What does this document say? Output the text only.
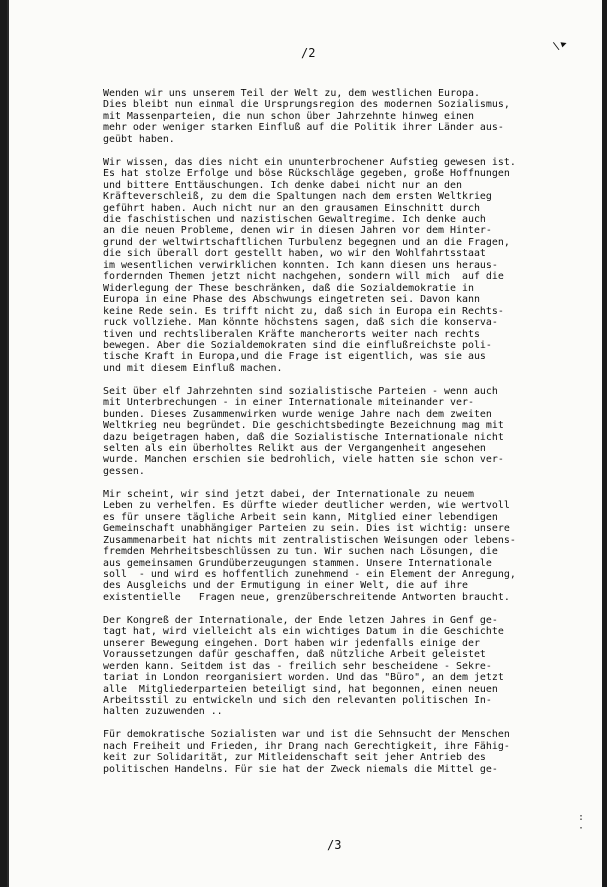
/2
\ ▸
Wenden wir uns unserem Teil der Welt zu, dem westlichen Europa.
Dies bleibt nun einmal die Ursprungsregion des modernen Sozialismus,
mit Massenparteien, die nun schon über Jahrzehnte hinweg einen
mehr oder weniger starken Einfluß auf die Politik ihrer Länder aus-
geübt haben.
Wir wissen, das dies nicht ein ununterbrochener Aufstieg gewesen ist.
Es hat stolze Erfolge und böse Rückschläge gegeben, große Hoffnungen
und bittere Enttäuschungen. Ich denke dabei nicht nur an den
Kräfteverschleiß, zu dem die Spaltungen nach dem ersten Weltkrieg
geführt haben. Auch nicht nur an den grausamen Einschnitt durch
die faschistischen und nazistischen Gewaltregime. Ich denke auch
an die neuen Probleme, denen wir in diesen Jahren vor dem Hinter-
grund der weltwirtschaftlichen Turbulenz begegnen und an die Fragen,
die sich überall dort gestellt haben, wo wir den Wohlfahrtsstaat
im wesentlichen verwirklichen konnten. Ich kann diesen uns heraus-
fordernden Themen jetzt nicht nachgehen, sondern will mich  auf die
Widerlegung der These beschränken, daß die Sozialdemokratie in
Europa in eine Phase des Abschwungs eingetreten sei. Davon kann
keine Rede sein. Es trifft nicht zu, daß sich in Europa ein Rechts-
ruck vollziehe. Man könnte höchstens sagen, daß sich die konserva-
tiven und rechtsliberalen Kräfte mancherorts weiter nach rechts
bewegen. Aber die Sozialdemokraten sind die einflußreichste poli-
tische Kraft in Europa,und die Frage ist eigentlich, was sie aus
und mit diesem Einfluß machen.
Seit über elf Jahrzehnten sind sozialistische Parteien - wenn auch
mit Unterbrechungen - in einer Internationale miteinander ver-
bunden. Dieses Zusammenwirken wurde wenige Jahre nach dem zweiten
Weltkrieg neu begründet. Die geschichtsbedingte Bezeichnung mag mit
dazu beigetragen haben, daß die Sozialistische Internationale nicht
selten als ein überholtes Relikt aus der Vergangenheit angesehen
wurde. Manchen erschien sie bedrohlich, viele hatten sie schon ver-
gessen.
Mir scheint, wir sind jetzt dabei, der Internationale zu neuem
Leben zu verhelfen. Es dürfte wieder deutlicher werden, wie wertvoll
es für unsere tägliche Arbeit sein kann, Mitglied einer lebendigen
Gemeinschaft unabhängiger Parteien zu sein. Dies ist wichtig: unsere
Zusammenarbeit hat nichts mit zentralistischen Weisungen oder lebens-
fremden Mehrheitsbeschlüssen zu tun. Wir suchen nach Lösungen, die
aus gemeinsamen Grundüberzeugungen stammen. Unsere Internationale
soll  - und wird es hoffentlich zunehmend - ein Element der Anregung,
des Ausgleichs und der Ermutigung in einer Welt, die auf ihre
existentielle   Fragen neue, grenzüberschreitende Antworten braucht.
Der Kongreß der Internationale, der Ende letzen Jahres in Genf ge-
tagt hat, wird vielleicht als ein wichtiges Datum in die Geschichte
unserer Bewegung eingehen. Dort haben wir jedenfalls einige der
Voraussetzungen dafür geschaffen, daß nützliche Arbeit geleistet
werden kann. Seitdem ist das - freilich sehr bescheidene - Sekre-
tariat in London reorganisiert worden. Und das "Büro", an dem jetzt
alle  Mitgliederparteien beteiligt sind, hat begonnen, einen neuen
Arbeitsstil zu entwickeln und sich den relevanten politischen In-
halten zuzuwenden ..
Für demokratische Sozialisten war und ist die Sehnsucht der Menschen
nach Freiheit und Frieden, ihr Drang nach Gerechtigkeit, ihre Fähig-
keit zur Solidarität, zur Mitleidenschaft seit jeher Antrieb des
politischen Handelns. Für sie hat der Zweck niemals die Mittel ge-
:
·
/3
